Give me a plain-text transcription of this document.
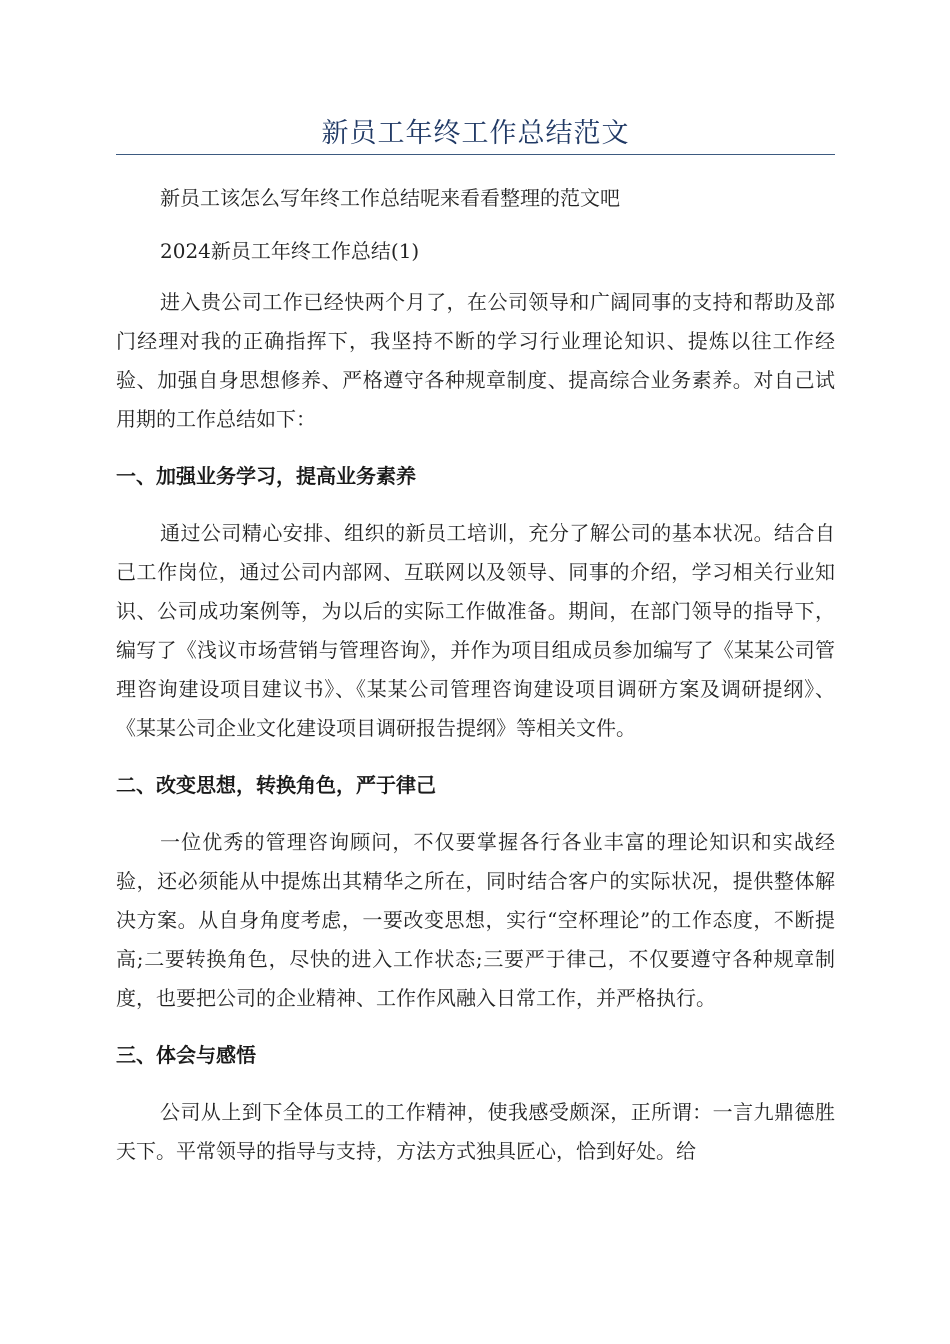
新员工年终工作总结范文

新员工该怎么写年终工作总结呢来看看整理的范文吧

2024新员工年终工作总结(1)

进入贵公司工作已经快两个月了，在公司领导和广阔同事的支持和帮助及部门经理对我的正确指挥下，我坚持不断的学习行业理论知识、提炼以往工作经验、加强自身思想修养、严格遵守各种规章制度、提高综合业务素养。对自己试用期的工作总结如下：

一、加强业务学习，提高业务素养

通过公司精心安排、组织的新员工培训，充分了解公司的基本状况。结合自己工作岗位，通过公司内部网、互联网以及领导、同事的介绍，学习相关行业知识、公司成功案例等，为以后的实际工作做准备。期间，在部门领导的指导下，编写了《浅议市场营销与管理咨询》，并作为项目组成员参加编写了《某某公司管理咨询建设项目建议书》、《某某公司管理咨询建设项目调研方案及调研提纲》、《某某公司企业文化建设项目调研报告提纲》等相关文件。

二、改变思想，转换角色，严于律己

一位优秀的管理咨询顾问，不仅要掌握各行各业丰富的理论知识和实战经验，还必须能从中提炼出其精华之所在，同时结合客户的实际状况，提供整体解决方案。从自身角度考虑，一要改变思想，实行“空杯理论”的工作态度，不断提高;二要转换角色，尽快的进入工作状态;三要严于律己，不仅要遵守各种规章制度，也要把公司的企业精神、工作作风融入日常工作，并严格执行。

三、体会与感悟

公司从上到下全体员工的工作精神，使我感受颇深，正所谓：一言九鼎德胜天下。平常领导的指导与支持，方法方式独具匠心，恰到好处。给
